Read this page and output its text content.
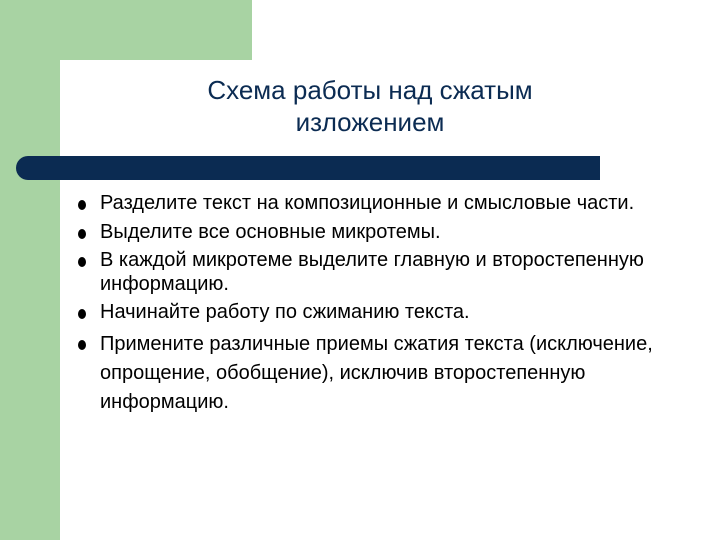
Схема работы над сжатым изложением
Разделите текст на композиционные и смысловые части.
Выделите все основные микротемы.
В каждой микротеме выделите главную и второстепенную информацию.
Начинайте работу по сжиманию текста.
Примените различные приемы сжатия текста (исключение, опрощение, обобщение), исключив второстепенную информацию.
